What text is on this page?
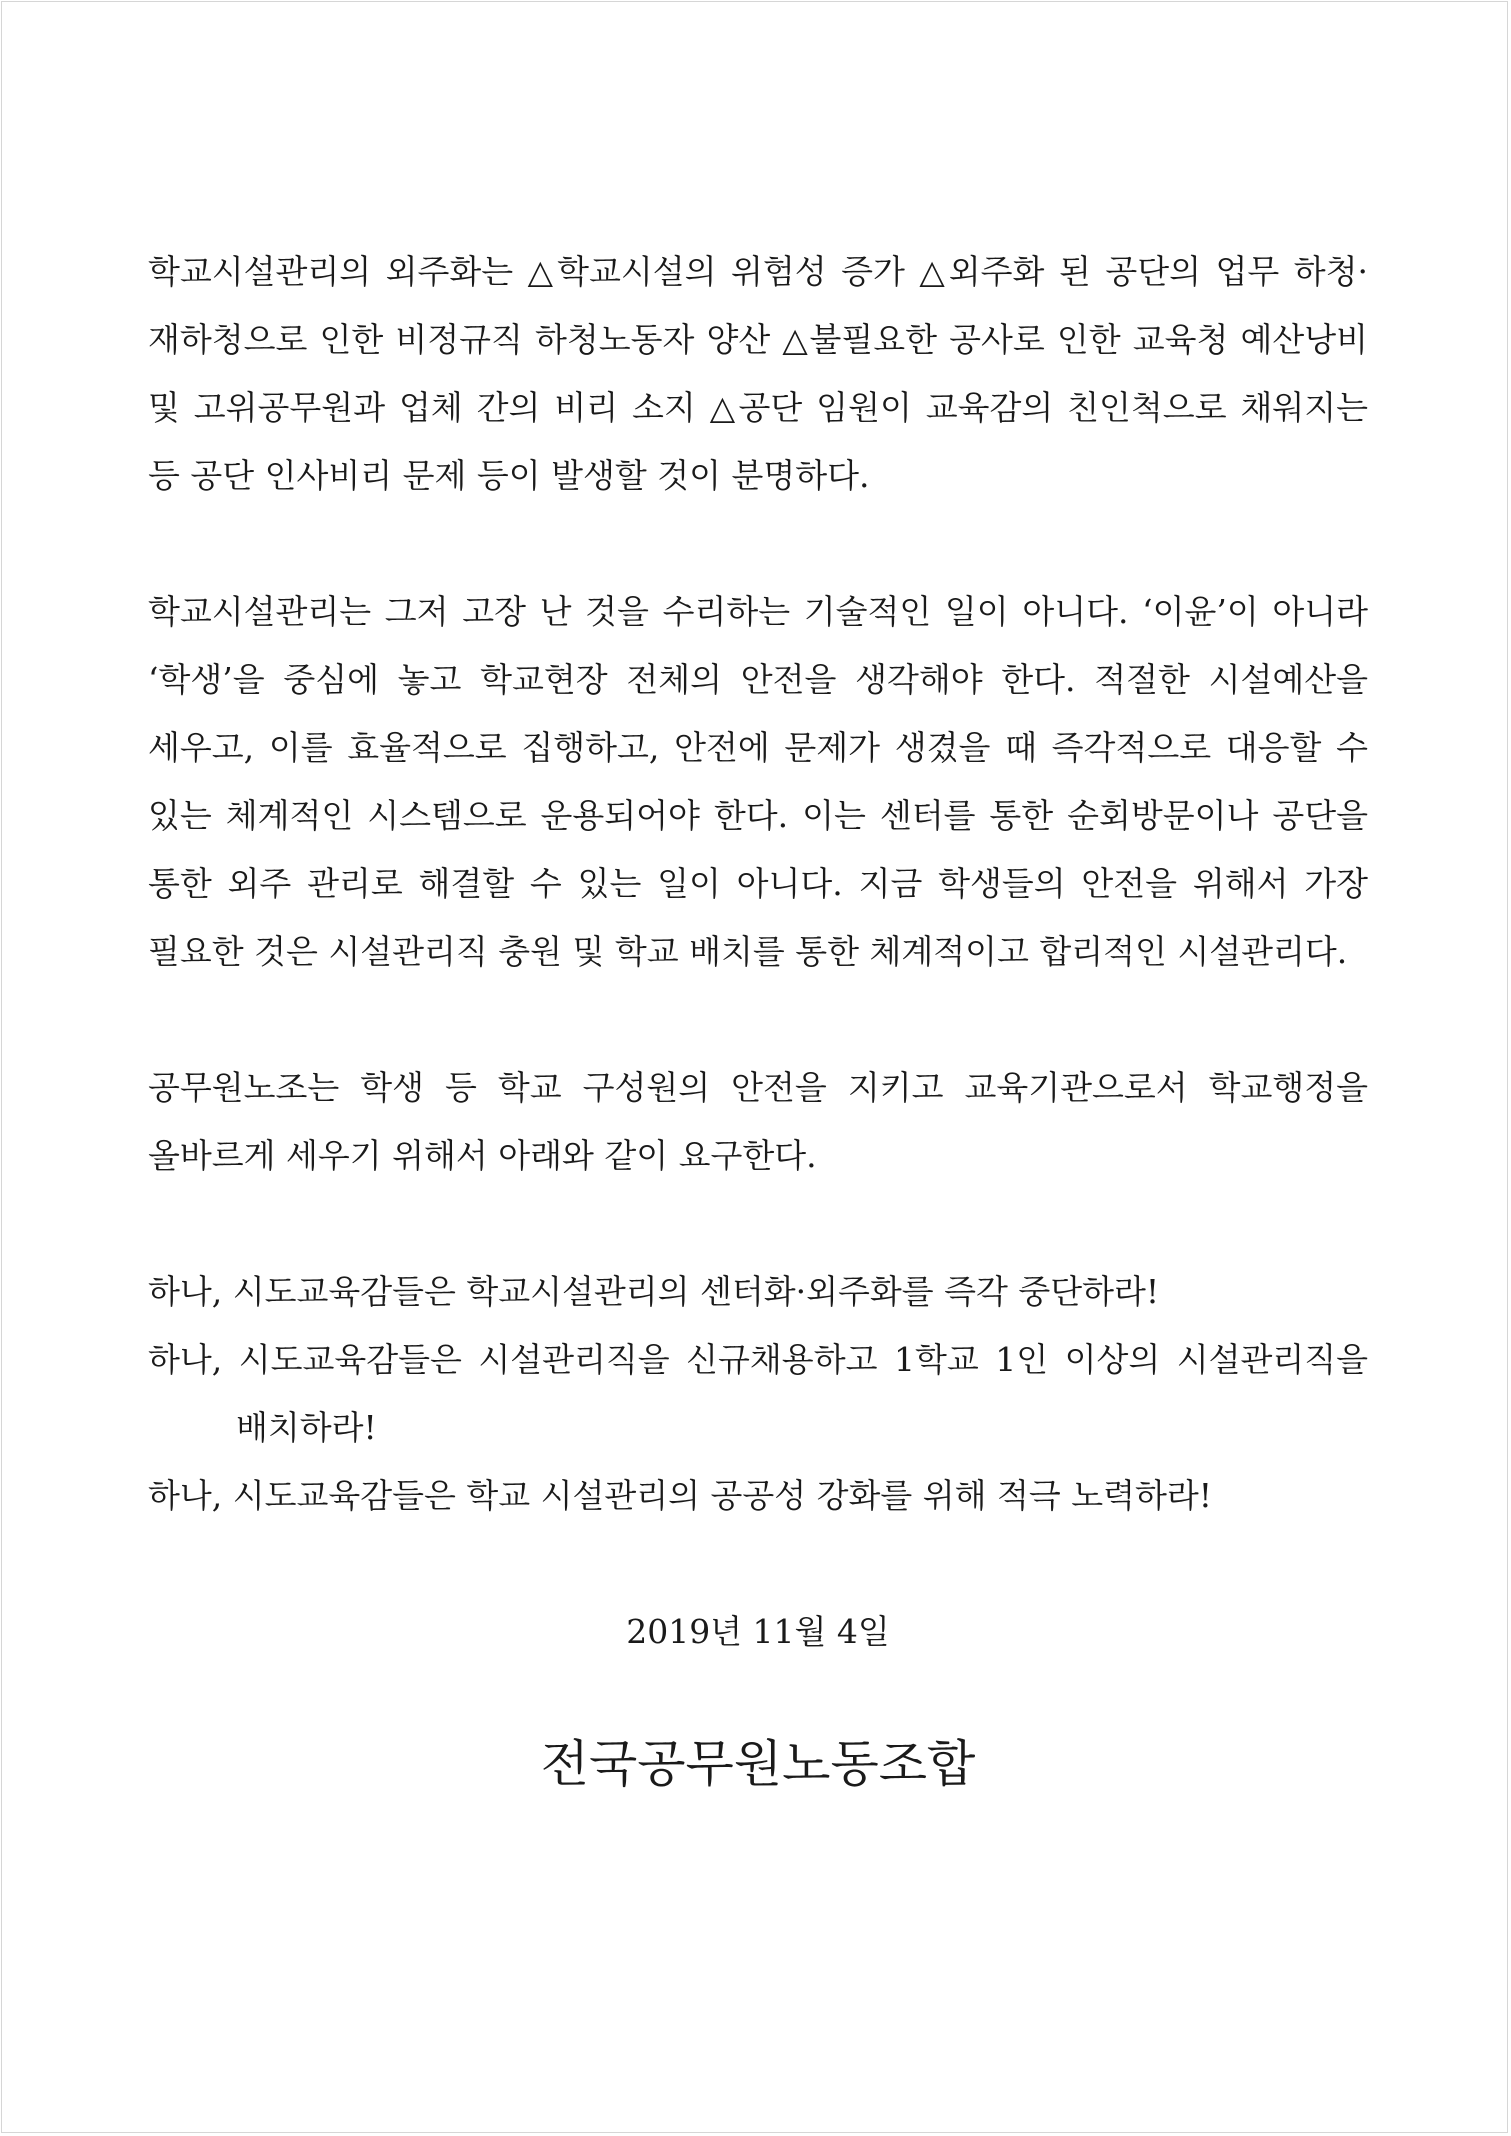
학교시설관리의 외주화는 △학교시설의 위험성 증가 △외주화 된 공단의 업무 하청·재하청으로 인한 비정규직 하청노동자 양산 △불필요한 공사로 인한 교육청 예산낭비 및 고위공무원과 업체 간의 비리 소지 △공단 임원이 교육감의 친인척으로 채워지는 등 공단 인사비리 문제 등이 발생할 것이 분명하다.

학교시설관리는 그저 고장 난 것을 수리하는 기술적인 일이 아니다. ‘이윤’이 아니라 ‘학생’을 중심에 놓고 학교현장 전체의 안전을 생각해야 한다. 적절한 시설예산을 세우고, 이를 효율적으로 집행하고, 안전에 문제가 생겼을 때 즉각적으로 대응할 수 있는 체계적인 시스템으로 운용되어야 한다. 이는 센터를 통한 순회방문이나 공단을 통한 외주 관리로 해결할 수 있는 일이 아니다. 지금 학생들의 안전을 위해서 가장 필요한 것은 시설관리직 충원 및 학교 배치를 통한 체계적이고 합리적인 시설관리다.

공무원노조는 학생 등 학교 구성원의 안전을 지키고 교육기관으로서 학교행정을 올바르게 세우기 위해서 아래와 같이 요구한다.

하나, 시도교육감들은 학교시설관리의 센터화·외주화를 즉각 중단하라!

하나, 시도교육감들은 시설관리직을 신규채용하고 1학교 1인 이상의 시설관리직을 배치하라!

하나, 시도교육감들은 학교 시설관리의 공공성 강화를 위해 적극 노력하라!

2019년 11월 4일

전국공무원노동조합
